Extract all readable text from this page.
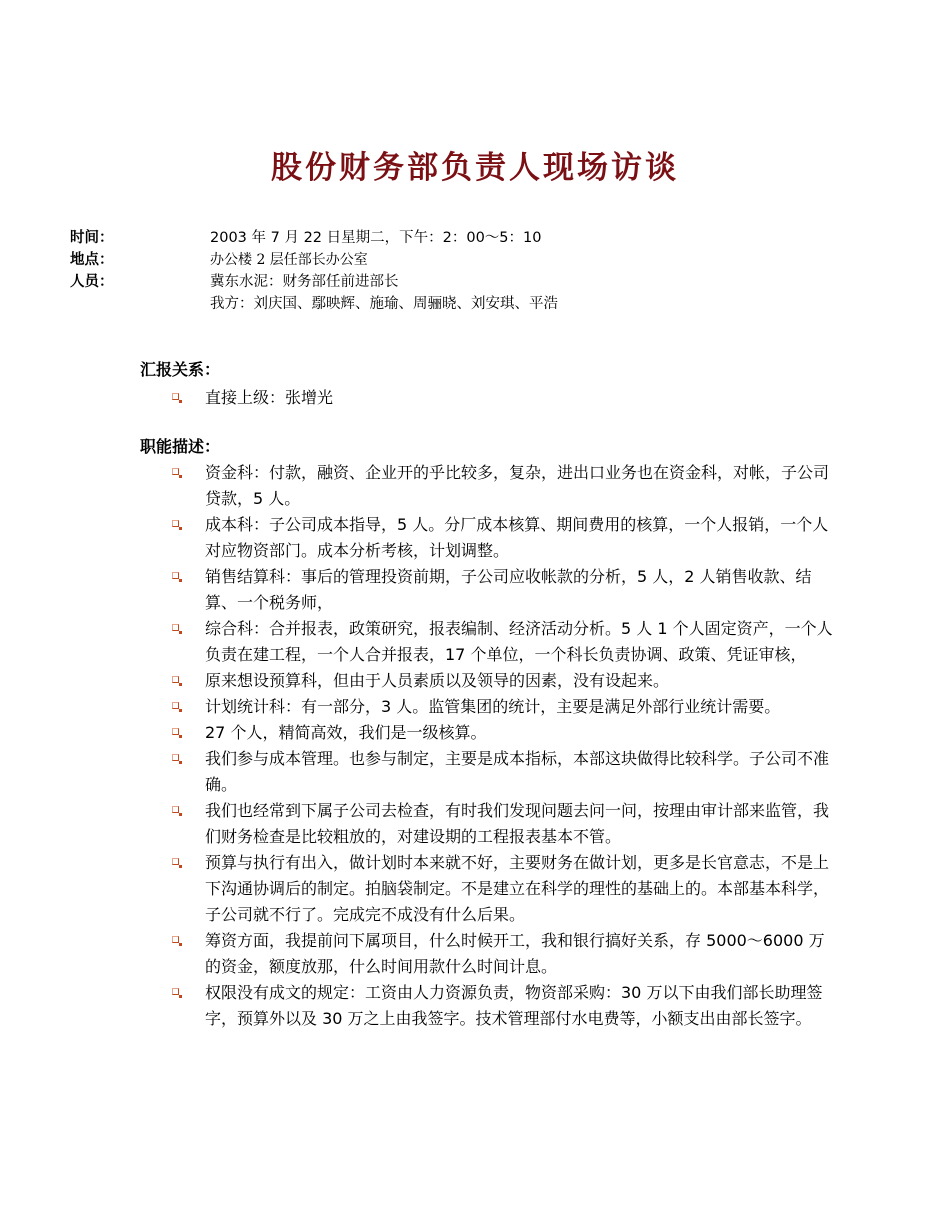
股份财务部负责人现场访谈
时间：	2003 年 7 月 22 日星期二，下午：2：00～5：10
地点：	办公楼 2 层任部长办公室
人员：	冀东水泥：财务部任前进部长
我方：刘庆国、鄢映辉、施瑜、周骊晓、刘安琪、平浩
汇报关系：
直接上级：张增光
职能描述：
资金科：付款，融资、企业开的乎比较多，复杂，进出口业务也在资金科，对帐，子公司贷款，5 人。
成本科：子公司成本指导，5 人。分厂成本核算、期间费用的核算，一个人报销，一个人对应物资部门。成本分析考核，计划调整。
销售结算科：事后的管理投资前期，子公司应收帐款的分析，5 人，2 人销售收款、结算、一个税务师，
综合科：合并报表，政策研究，报表编制、经济活动分析。5 人 1 个人固定资产，一个人负责在建工程，一个人合并报表，17 个单位，一个科长负责协调、政策、凭证审核，
原来想设预算科，但由于人员素质以及领导的因素，没有设起来。
计划统计科：有一部分，3 人。监管集团的统计，主要是满足外部行业统计需要。
27 个人，精简高效，我们是一级核算。
我们参与成本管理。也参与制定，主要是成本指标，本部这块做得比较科学。子公司不准确。
我们也经常到下属子公司去检查，有时我们发现问题去问一问，按理由审计部来监管，我们财务检查是比较粗放的，对建设期的工程报表基本不管。
预算与执行有出入，做计划时本来就不好，主要财务在做计划，更多是长官意志，不是上下沟通协调后的制定。拍脑袋制定。不是建立在科学的理性的基础上的。本部基本科学，子公司就不行了。完成完不成没有什么后果。
筹资方面，我提前问下属项目，什么时候开工，我和银行搞好关系，存 5000～6000 万的资金，额度放那，什么时间用款什么时间计息。
权限没有成文的规定：工资由人力资源负责，物资部采购：30 万以下由我们部长助理签字，预算外以及 30 万之上由我签字。技术管理部付水电费等，小额支出由部长签字。
